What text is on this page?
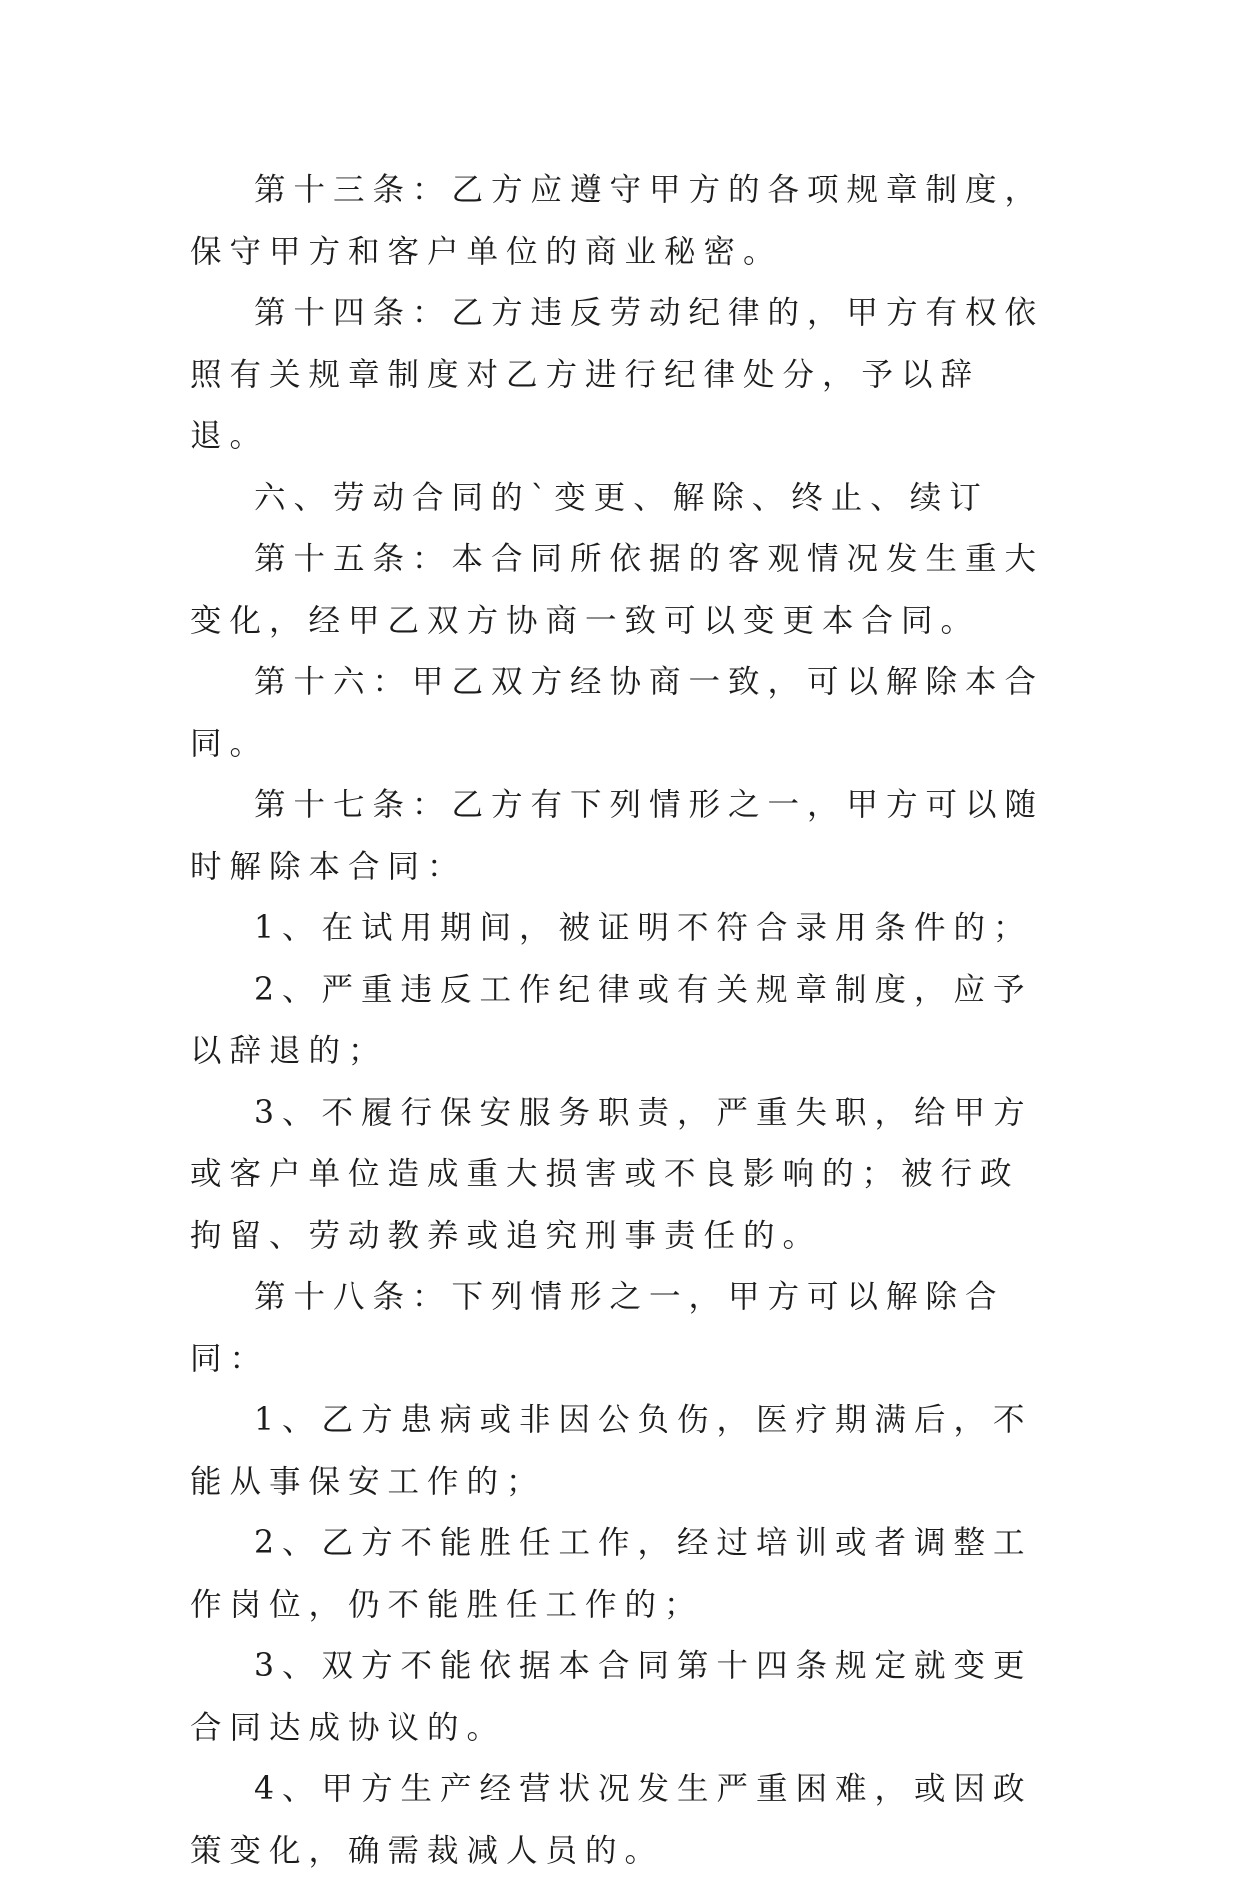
第十三条：乙方应遵守甲方的各项规章制度，保守甲方和客户单位的商业秘密。

第十四条：乙方违反劳动纪律的，甲方有权依照有关规章制度对乙方进行纪律处分，予以辞退。

六、劳动合同的`变更、解除、终止、续订

第十五条：本合同所依据的客观情况发生重大变化，经甲乙双方协商一致可以变更本合同。

第十六：甲乙双方经协商一致，可以解除本合同。

第十七条：乙方有下列情形之一，甲方可以随时解除本合同：

1、在试用期间，被证明不符合录用条件的；

2、严重违反工作纪律或有关规章制度，应予以辞退的；

3、不履行保安服务职责，严重失职，给甲方或客户单位造成重大损害或不良影响的；被行政拘留、劳动教养或追究刑事责任的。

第十八条：下列情形之一，甲方可以解除合同：

1、乙方患病或非因公负伤，医疗期满后，不能从事保安工作的；

2、乙方不能胜任工作，经过培训或者调整工作岗位，仍不能胜任工作的；

3、双方不能依据本合同第十四条规定就变更合同达成协议的。

4、甲方生产经营状况发生严重困难，或因政策变化，确需裁减人员的。
